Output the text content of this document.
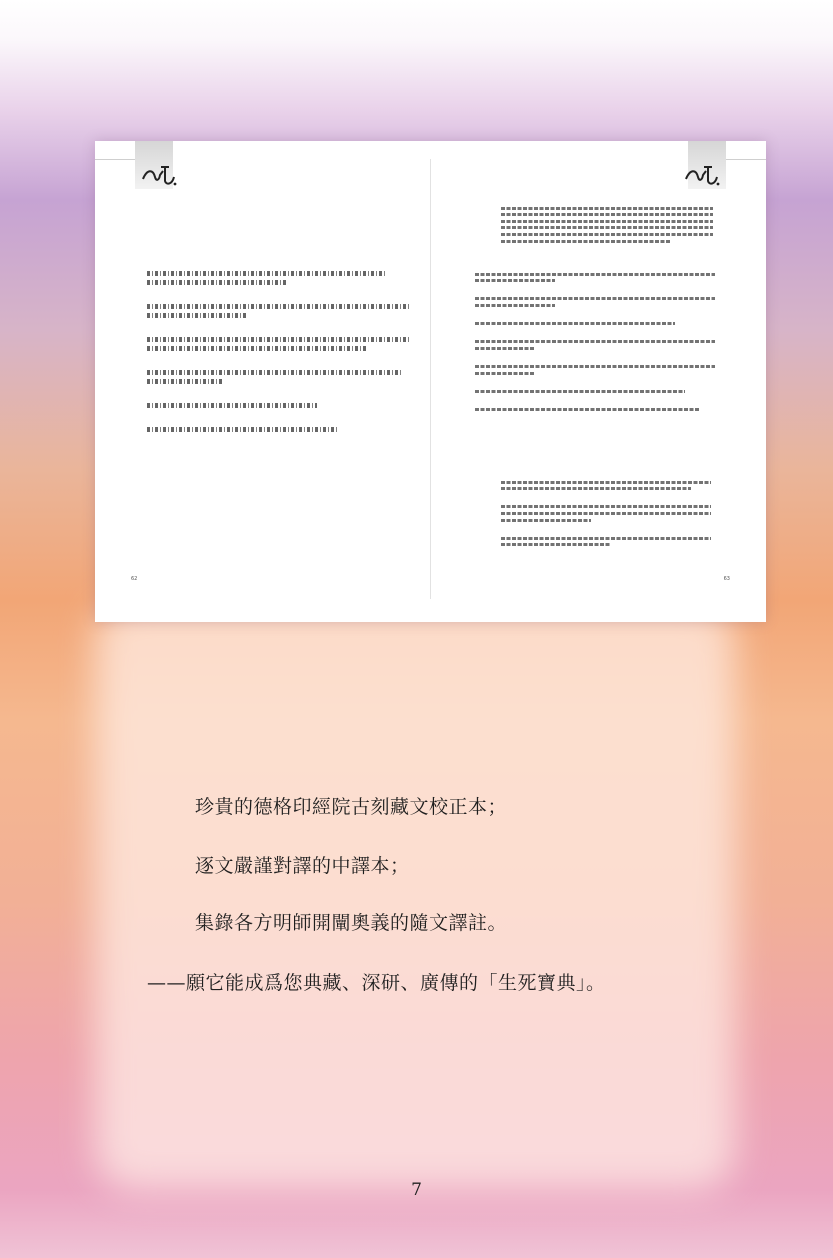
62	63
珍貴的德格印經院古刻藏文校正本；
逐文嚴謹對譯的中譯本；
集錄各方明師開闡奧義的隨文譯註。
——願它能成爲您典藏、深研、廣傳的「生死寶典」。
7
